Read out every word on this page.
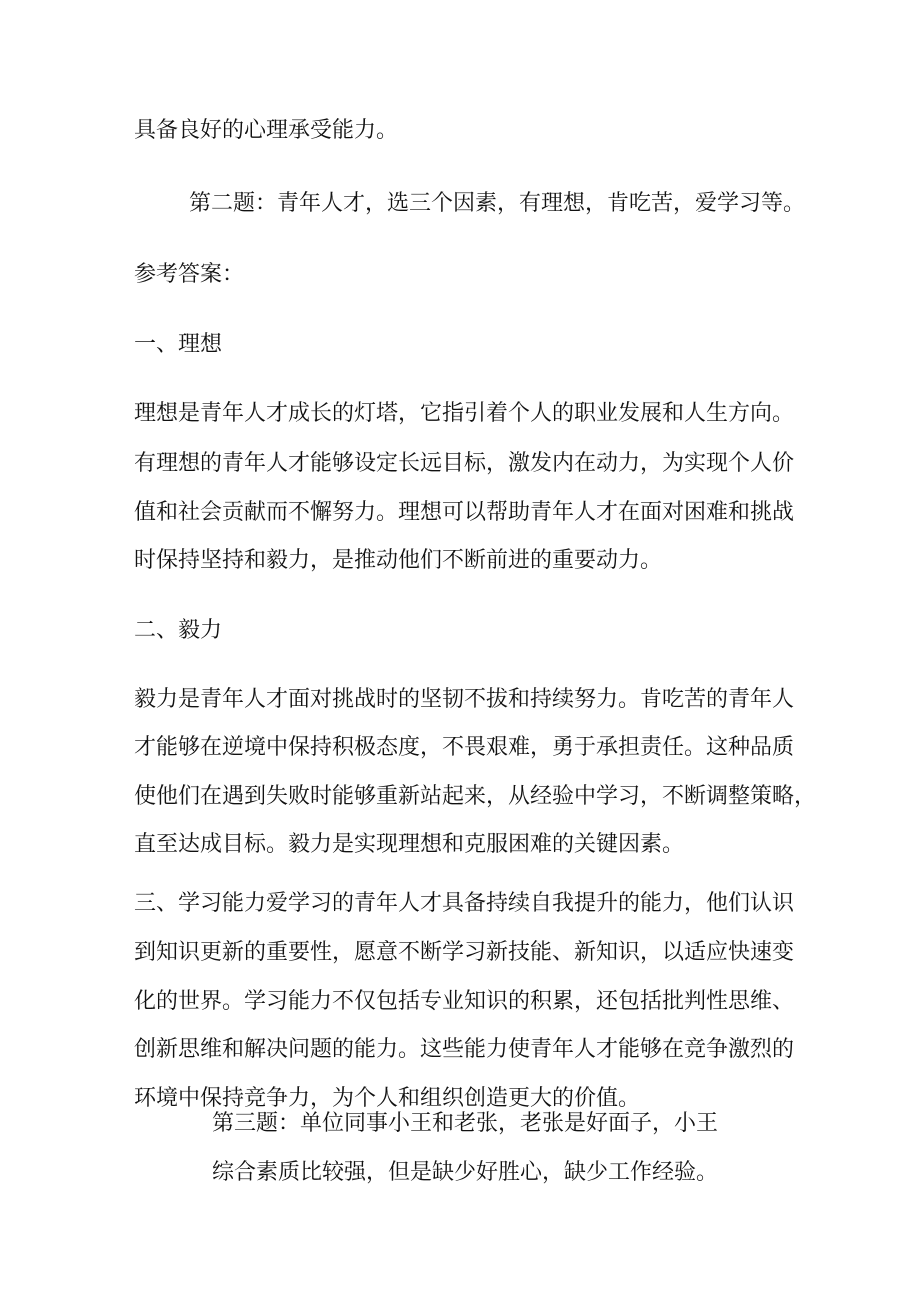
具备良好的心理承受能力。
第二题：青年人才，选三个因素，有理想，肯吃苦，爱学习等。
参考答案：
一、理想
理想是青年人才成长的灯塔，它指引着个人的职业发展和人生方向。
有理想的青年人才能够设定长远目标，激发内在动力，为实现个人价
值和社会贡献而不懈努力。理想可以帮助青年人才在面对困难和挑战
时保持坚持和毅力，是推动他们不断前进的重要动力。
二、毅力
毅力是青年人才面对挑战时的坚韧不拔和持续努力。肯吃苦的青年人
才能够在逆境中保持积极态度，不畏艰难，勇于承担责任。这种品质
使他们在遇到失败时能够重新站起来，从经验中学习，不断调整策略，
直至达成目标。毅力是实现理想和克服困难的关键因素。
三、学习能力爱学习的青年人才具备持续自我提升的能力，他们认识
到知识更新的重要性，愿意不断学习新技能、新知识，以适应快速变
化的世界。学习能力不仅包括专业知识的积累，还包括批判性思维、
创新思维和解决问题的能力。这些能力使青年人才能够在竞争激烈的
环境中保持竞争力，为个人和组织创造更大的价值。
第三题：单位同事小王和老张，老张是好面子，小王
综合素质比较强，但是缺少好胜心，缺少工作经验。
